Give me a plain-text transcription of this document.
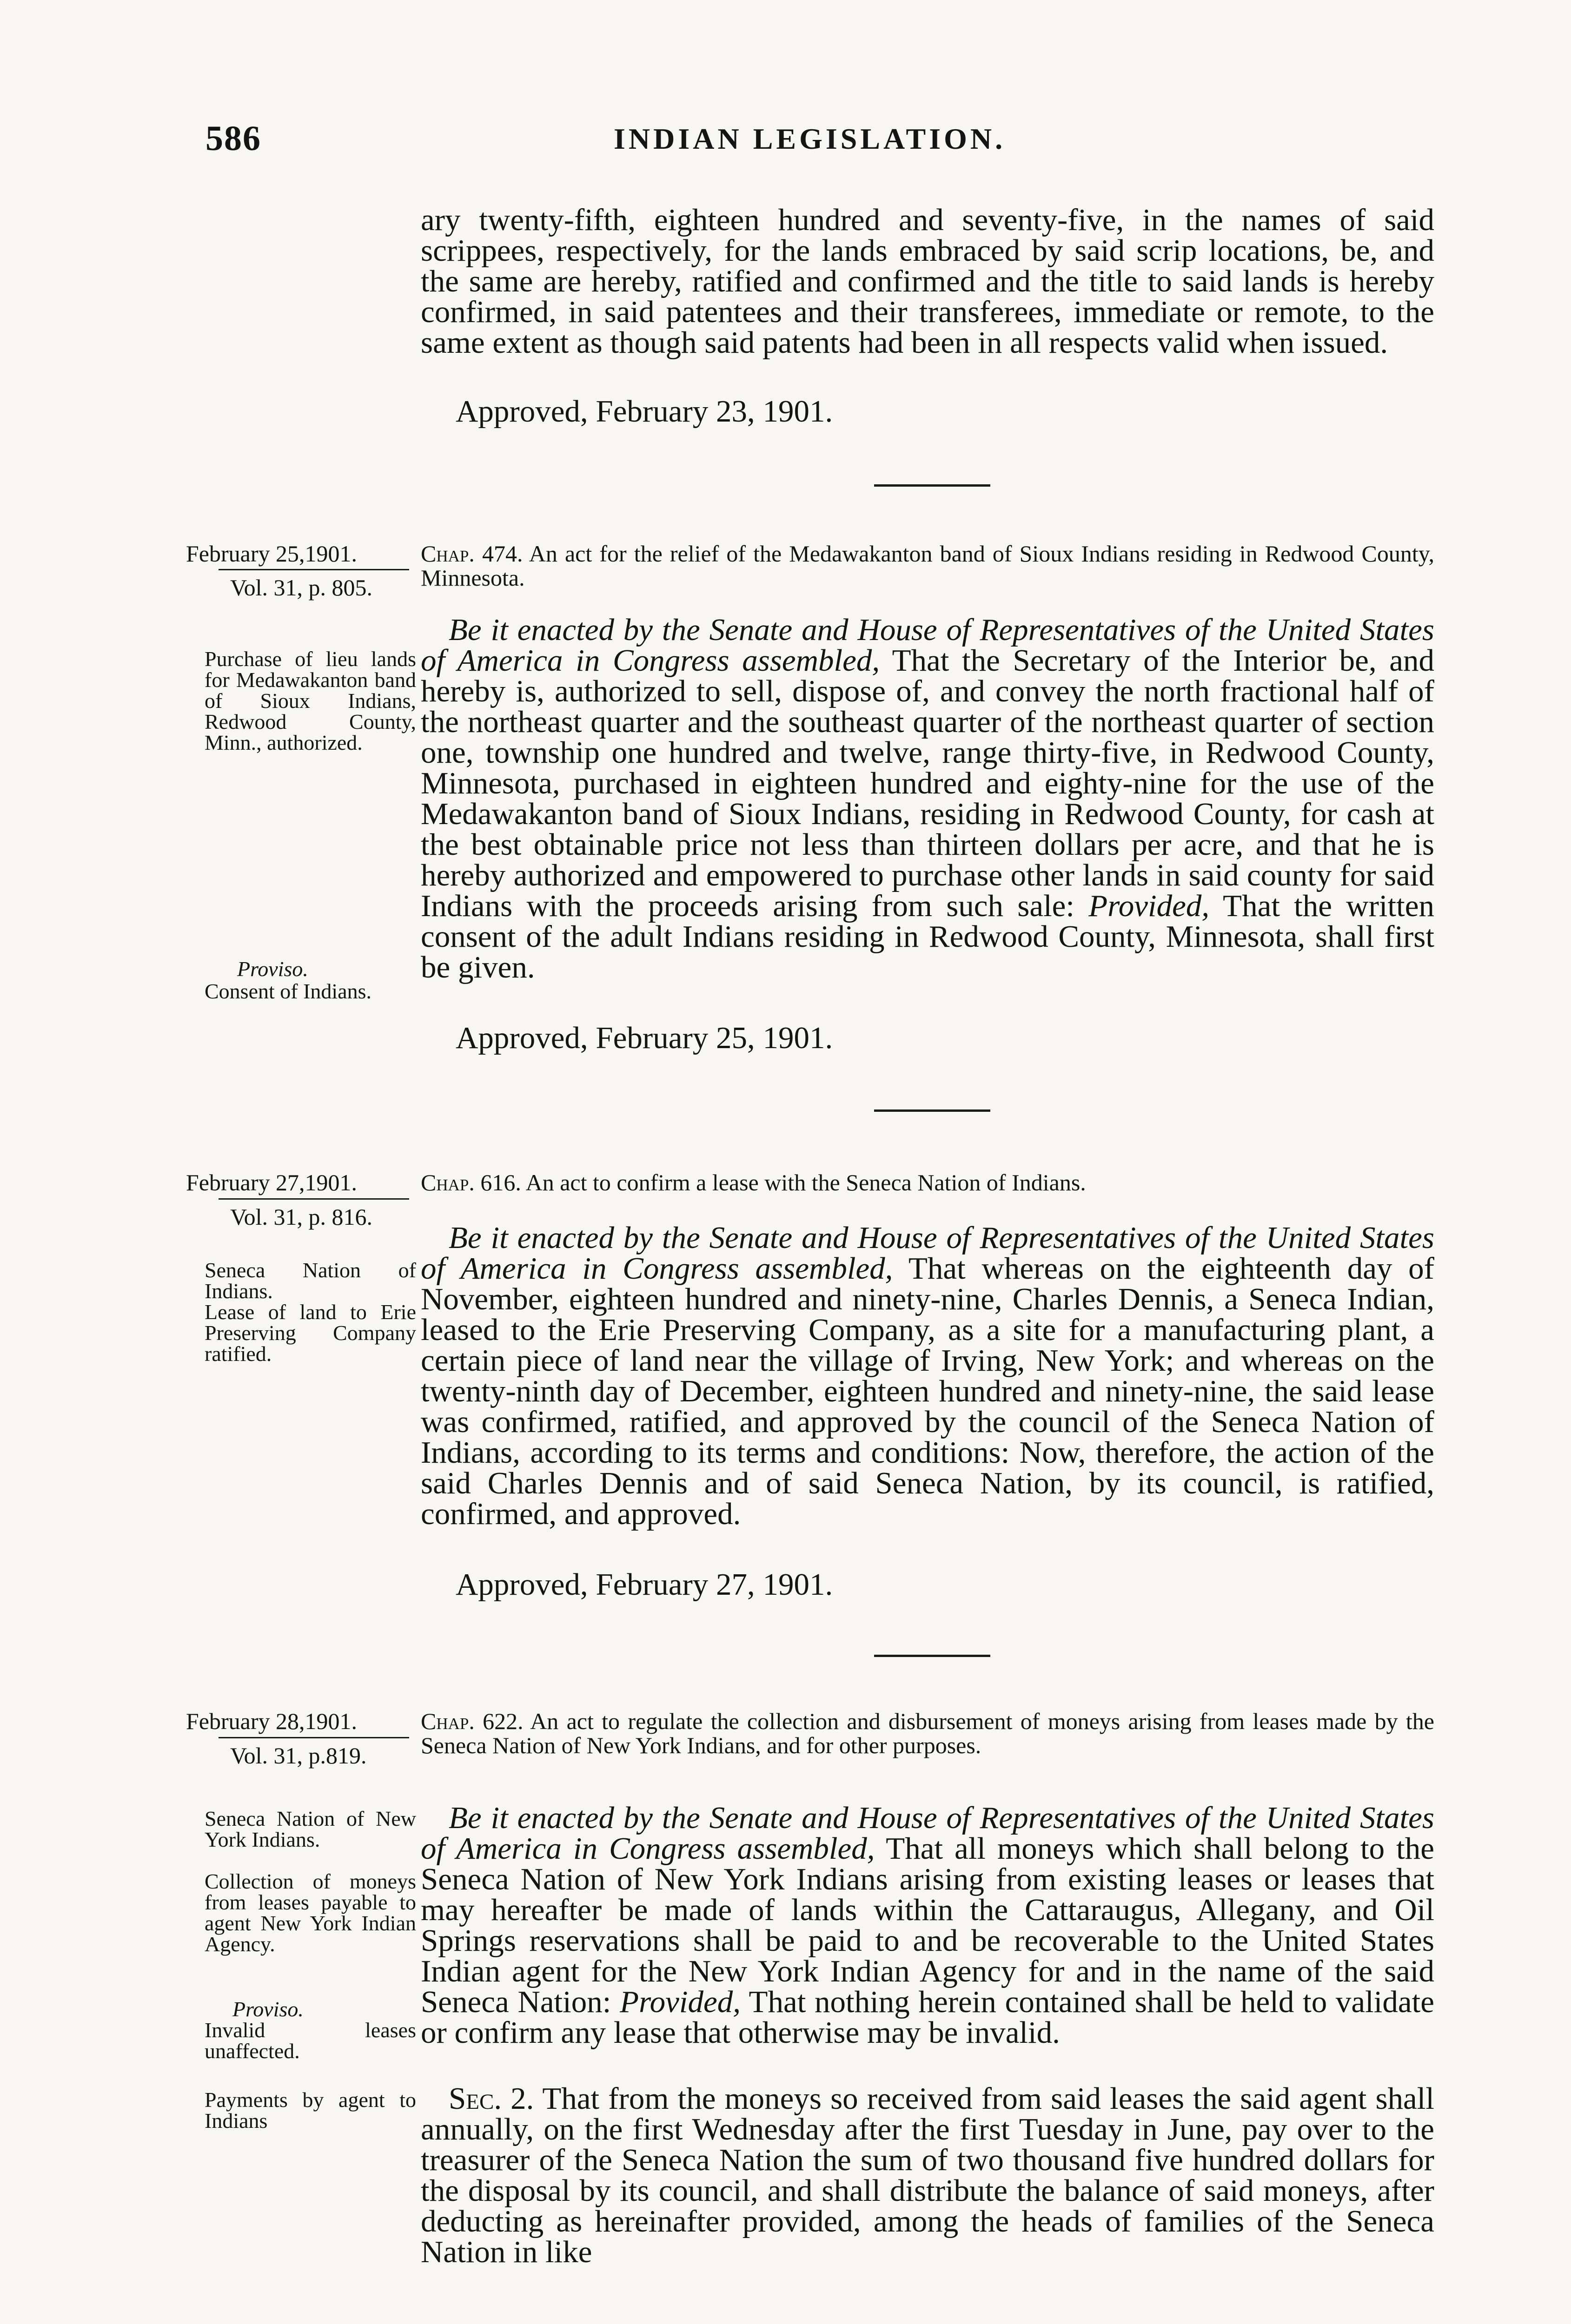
586	INDIAN LEGISLATION.
ary twenty-fifth, eighteen hundred and seventy-five, in the names of said scrippees, respectively, for the lands embraced by said scrip locations, be, and the same are hereby, ratified and confirmed and the title to said lands is hereby confirmed, in said patentees and their transferees, immediate or remote, to the same extent as though said patents had been in all respects valid when issued.
Approved, February 23, 1901.
February 25,1901.
Vol. 31, p. 805.
Chap. 474. An act for the relief of the Medawakanton band of Sioux Indians residing in Redwood County, Minnesota.
Purchase of lieu lands for Medawakanton band of Sioux Indians, Redwood County, Minn., authorized.
Proviso.
Consent of Indians.
Be it enacted by the Senate and House of Representatives of the United States of America in Congress assembled, That the Secretary of the Interior be, and hereby is, authorized to sell, dispose of, and convey the north fractional half of the northeast quarter and the southeast quarter of the northeast quarter of section one, township one hundred and twelve, range thirty-five, in Redwood County, Minnesota, purchased in eighteen hundred and eighty-nine for the use of the Medawakanton band of Sioux Indians, residing in Redwood County, for cash at the best obtainable price not less than thirteen dollars per acre, and that he is hereby authorized and empowered to purchase other lands in said county for said Indians with the proceeds arising from such sale: Provided, That the written consent of the adult Indians residing in Redwood County, Minnesota, shall first be given.
Approved, February 25, 1901.
February 27,1901.
Vol. 31, p. 816.
Chap. 616. An act to confirm a lease with the Seneca Nation of Indians.
Seneca Nation of Indians.
Lease of land to Erie Preserving Company ratified.
Be it enacted by the Senate and House of Representatives of the United States of America in Congress assembled, That whereas on the eighteenth day of November, eighteen hundred and ninety-nine, Charles Dennis, a Seneca Indian, leased to the Erie Preserving Company, as a site for a manufacturing plant, a certain piece of land near the village of Irving, New York; and whereas on the twenty-ninth day of December, eighteen hundred and ninety-nine, the said lease was confirmed, ratified, and approved by the council of the Seneca Nation of Indians, according to its terms and conditions: Now, therefore, the action of the said Charles Dennis and of said Seneca Nation, by its council, is ratified, confirmed, and approved.
Approved, February 27, 1901.
February 28,1901.
Vol. 31, p.819.
Chap. 622. An act to regulate the collection and disbursement of moneys arising from leases made by the Seneca Nation of New York Indians, and for other purposes.
Seneca Nation of New York Indians.
Collection of moneys from leases payable to agent New York Indian Agency.
Proviso.
Invalid leases unaffected.
Payments by agent to Indians
Be it enacted by the Senate and House of Representatives of the United States of America in Congress assembled, That all moneys which shall belong to the Seneca Nation of New York Indians arising from existing leases or leases that may hereafter be made of lands within the Cattaraugus, Allegany, and Oil Springs reservations shall be paid to and be recoverable to the United States Indian agent for the New York Indian Agency for and in the name of the said Seneca Nation: Provided, That nothing herein contained shall be held to validate or confirm any lease that otherwise may be invalid.
Sec. 2. That from the moneys so received from said leases the said agent shall annually, on the first Wednesday after the first Tuesday in June, pay over to the treasurer of the Seneca Nation the sum of two thousand five hundred dollars for the disposal by its council, and shall distribute the balance of said moneys, after deducting as hereinafter provided, among the heads of families of the Seneca Nation in like
